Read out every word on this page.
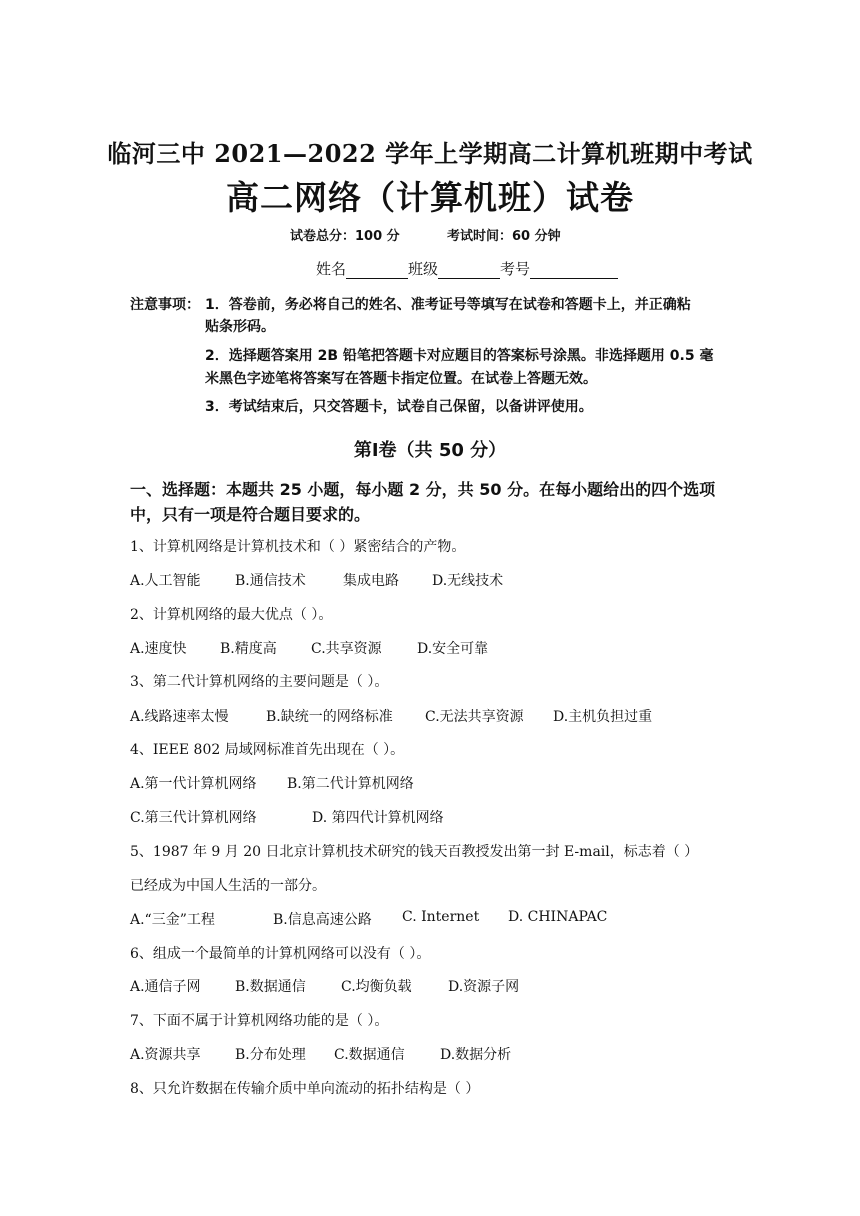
临河三中 2021—2022 学年上学期高二计算机班期中考试
高二网络（计算机班）试卷
试卷总分：100 分	考试时间：60 分钟
姓名	班级	考号
注意事项： 1．答卷前，务必将自己的姓名、准考证号等填写在试卷和答题卡上，并正确粘
贴条形码。
2．选择题答案用 2B 铅笔把答题卡对应题目的答案标号涂黑。非选择题用 0.5 毫
米黑色字迹笔将答案写在答题卡指定位置。在试卷上答题无效。
3．考试结束后，只交答题卡，试卷自己保留，以备讲评使用。
第Ⅰ卷（共 50 分）
一、选择题：本题共 25 小题，每小题 2 分，共 50 分。在每小题给出的四个选项中，只有一项是符合题目要求的。
1、计算机网络是计算机技术和（ ）紧密结合的产物。
A.人工智能 B.通信技术	集成电路 D.无线技术
2、计算机网络的最大优点（ ）。
A.速度快 B.精度高 C.共享资源	D.安全可靠
3、第二代计算机网络的主要问题是（ ）。
A.线路速率太慢	B.缺统一的网络标准 C.无法共享资源 D.主机负担过重
4、IEEE 802 局域网标准首先出现在（ ）。
A.第一代计算机网络 B.第二代计算机网络
C.第三代计算机网络	D. 第四代计算机网络
5、1987 年 9 月 20 日北京计算机技术研究的钱天百教授发出第一封 E-mail，标志着（ ）
已经成为中国人生活的一部分。
A.“三金”工程	B.信息高速公路 C. Internet D. CHINAPAC
6、组成一个最简单的计算机网络可以没有（ ）。
A.通信子网 B.数据通信	C.均衡负载	D.资源子网
7、下面不属于计算机网络功能的是（ ）。
A.资源共享 B.分布处理 C.数据通信	D.数据分析
8、只允许数据在传输介质中单向流动的拓扑结构是（ ）
